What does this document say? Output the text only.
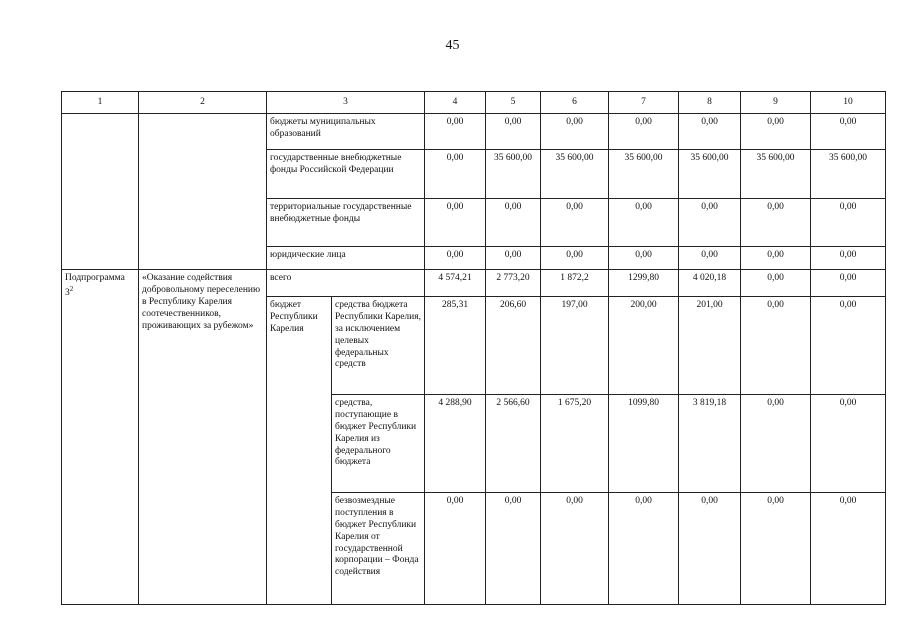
45
1	2	3		4	5	6	7	8	9	10
		бюджеты муниципальных образований		0,00	0,00	0,00	0,00	0,00	0,00	0,00
		государственные внебюджетные фонды Российской Федерации		0,00	35 600,00	35 600,00	35 600,00	35 600,00	35 600,00	35 600,00
		территориальные государственные внебюджетные фонды		0,00	0,00	0,00	0,00	0,00	0,00	0,00
		юридические лица		0,00	0,00	0,00	0,00	0,00	0,00	0,00
Подпрограмма $3^2$	«Оказание содействия добровольному переселению в Республику Карелия соотечественников, проживающих за рубежом»	всего		4 574,21	2 773,20	1 872,2	1299,80	4 020,18	0,00	0,00
		бюджет Республики Карелия	средства бюджета Республики Карелия, за исключением целевых федеральных средств	285,31	206,60	197,00	200,00	201,00	0,00	0,00
			средства, поступающие в бюджет Республики Карелия из федерального бюджета	4 288,90	2 566,60	1 675,20	1099,80	3 819,18	0,00	0,00
			безвозмездные поступления в бюджет Республики Карелия от государственной корпорации – Фонда содействия	0,00	0,00	0,00	0,00	0,00	0,00	0,00
